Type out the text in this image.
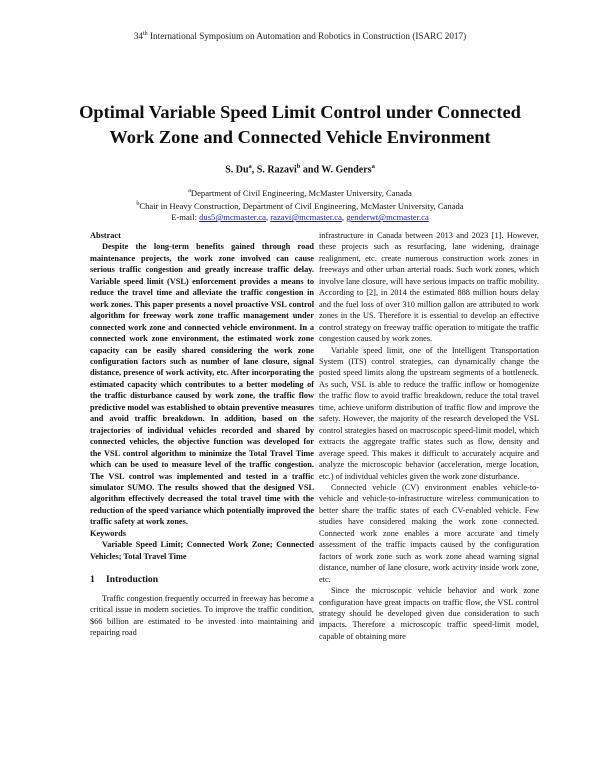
34th International Symposium on Automation and Robotics in Construction (ISARC 2017)
Optimal Variable Speed Limit Control under Connected
Work Zone and Connected Vehicle Environment
S. Du$^a$, S. Razavi$^b$ and W. Genders$^a$
$^a$Department of Civil Engineering, McMaster University, Canada
$^b$Chair in Heavy Construction, Department of Civil Engineering, McMaster University, Canada
E-mail: dus5@mcmaster.ca, razavi@mcmaster.ca, genderwt@mcmaster.ca

Abstract

Despite the long-term benefits gained through road maintenance projects, the work zone involved can cause serious traffic congestion and greatly increase traffic delay. Variable speed limit (VSL) enforcement provides a means to reduce the travel time and alleviate the traffic congestion in work zones. This paper presents a novel proactive VSL control algorithm for freeway work zone traffic management under connected work zone and connected vehicle environment. In a connected work zone environment, the estimated work zone capacity can be easily shared considering the work zone configuration factors such as number of lane closure, signal distance, presence of work activity, etc. After incorporating the estimated capacity which contributes to a better modeling of the traffic disturbance caused by work zone, the traffic flow predictive model was established to obtain preventive measures and avoid traffic breakdown. In addition, based on the trajectories of individual vehicles recorded and shared by connected vehicles, the objective function was developed for the VSL control algorithm to minimize the Total Travel Time which can be used to measure level of the traffic congestion. The VSL control was implemented and tested in a traffic simulator SUMO. The results showed that the designed VSL algorithm effectively decreased the total travel time with the reduction of the speed variance which potentially improved the traffic safety at work zones.

Keywords

Variable Speed Limit; Connected Work Zone; Connected Vehicles; Total Travel Time

1 Introduction

Traffic congestion frequently occurred in freeway has become a critical issue in modern societies. To improve the traffic condition, $66 billion are estimated to be invested into maintaining and repairing road

infrastructure in Canada between 2013 and 2023 [1]. However, these projects such as resurfacing, lane widening, drainage realignment, etc. create numerous construction work zones in freeways and other urban arterial roads. Such work zones, which involve lane closure, will have serious impacts on traffic mobility. According to [2], in 2014 the estimated 888 million hours delay and the fuel loss of over 310 million gallon are attributed to work zones in the US. Therefore it is essential to develop an effective control strategy on freeway traffic operation to mitigate the traffic congestion caused by work zones.

Variable speed limit, one of the Intelligent Transportation System (ITS) control strategies, can dynamically change the posted speed limits along the upstream segments of a bottleneck. As such, VSL is able to reduce the traffic inflow or homogenize the traffic flow to avoid traffic breakdown, reduce the total travel time, achieve uniform distribution of traffic flow and improve the safety. However, the majority of the research developed the VSL control strategies based on macroscopic speed-limit model, which extracts the aggregate traffic states such as flow, density and average speed. This makes it difficult to accurately acquire and analyze the microscopic behavior (acceleration, merge location, etc.) of individual vehicles given the work zone disturbance.

Connected vehicle (CV) environment enables vehicle-to-vehicle and vehicle-to-infrastructure wireless communication to better share the traffic states of each CV-enabled vehicle. Few studies have considered making the work zone connected. Connected work zone enables a more accurate and timely assessment of the traffic impacts caused by the configuration factors of work zone such as work zone ahead warning signal distance, number of lane closure, work activity inside work zone, etc.

Since the microscopic vehicle behavior and work zone configuration have great impacts on traffic flow, the VSL control strategy should be developed given due consideration to such impacts. Therefore a microscopic traffic speed-limit model, capable of obtaining more
